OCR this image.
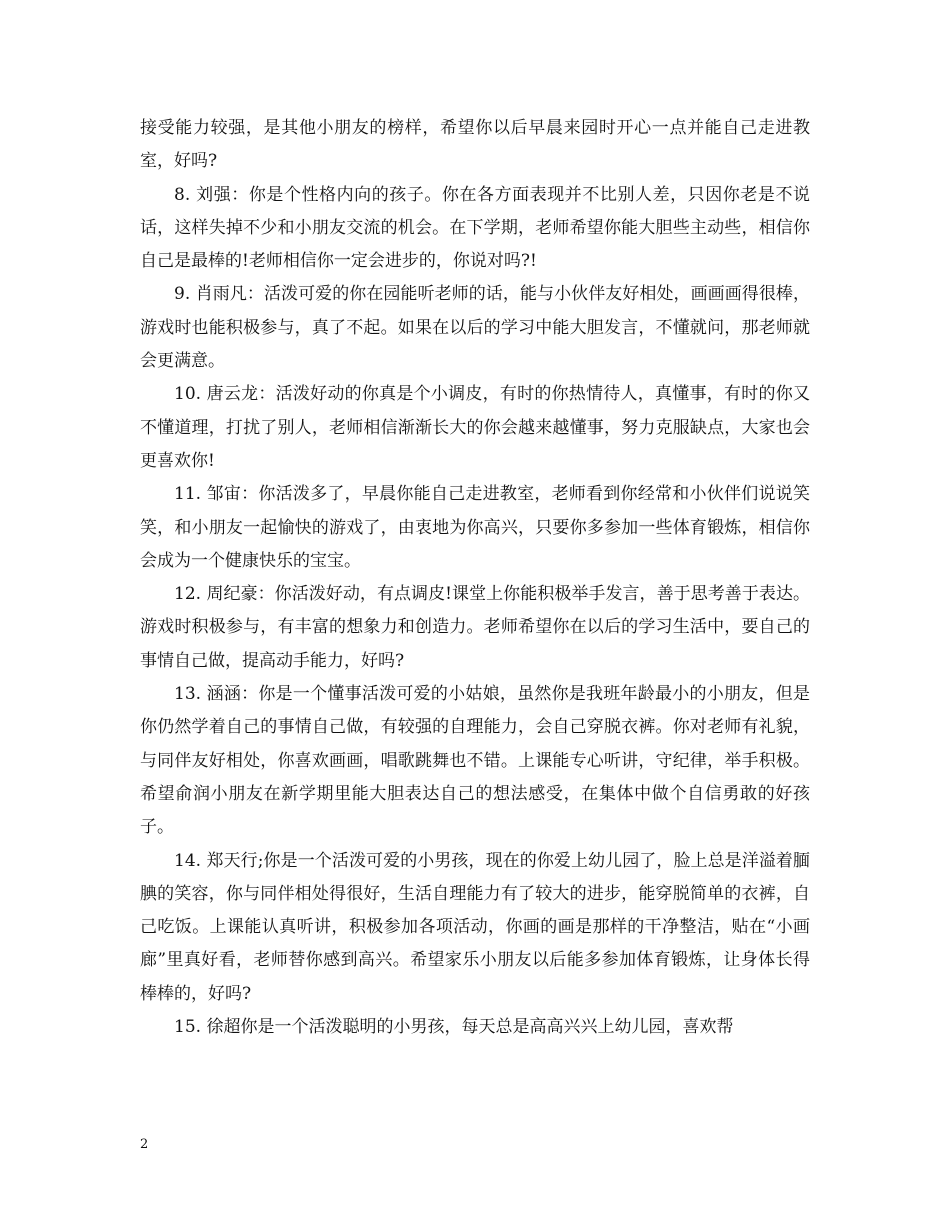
接受能力较强，是其他小朋友的榜样，希望你以后早晨来园时开心一点并能自己走进教室，好吗?

8. 刘强：你是个性格内向的孩子。你在各方面表现并不比别人差，只因你老是不说话，这样失掉不少和小朋友交流的机会。在下学期，老师希望你能大胆些主动些，相信你自己是最棒的!老师相信你一定会进步的，你说对吗?!

9. 肖雨凡：活泼可爱的你在园能听老师的话，能与小伙伴友好相处，画画画得很棒，游戏时也能积极参与，真了不起。如果在以后的学习中能大胆发言，不懂就问，那老师就会更满意。

10. 唐云龙：活泼好动的你真是个小调皮，有时的你热情待人，真懂事，有时的你又不懂道理，打扰了别人，老师相信渐渐长大的你会越来越懂事，努力克服缺点，大家也会更喜欢你!

11. 邹宙：你活泼多了，早晨你能自己走进教室，老师看到你经常和小伙伴们说说笑笑，和小朋友一起愉快的游戏了，由衷地为你高兴，只要你多参加一些体育锻炼，相信你会成为一个健康快乐的宝宝。

12. 周纪豪：你活泼好动，有点调皮!课堂上你能积极举手发言，善于思考善于表达。游戏时积极参与，有丰富的想象力和创造力。老师希望你在以后的学习生活中，要自己的事情自己做，提高动手能力，好吗?

13. 涵涵：你是一个懂事活泼可爱的小姑娘，虽然你是我班年龄最小的小朋友，但是你仍然学着自己的事情自己做，有较强的自理能力，会自己穿脱衣裤。你对老师有礼貌，与同伴友好相处，你喜欢画画，唱歌跳舞也不错。上课能专心听讲，守纪律，举手积极。希望俞润小朋友在新学期里能大胆表达自己的想法感受，在集体中做个自信勇敢的好孩子。

14. 郑天行;你是一个活泼可爱的小男孩，现在的你爱上幼儿园了，脸上总是洋溢着腼腆的笑容，你与同伴相处得很好，生活自理能力有了较大的进步，能穿脱简单的衣裤，自己吃饭。上课能认真听讲，积极参加各项活动，你画的画是那样的干净整洁，贴在“小画廊”里真好看，老师替你感到高兴。希望家乐小朋友以后能多参加体育锻炼，让身体长得棒棒的，好吗?

15. 徐超你是一个活泼聪明的小男孩，每天总是高高兴兴上幼儿园，喜欢帮

2
